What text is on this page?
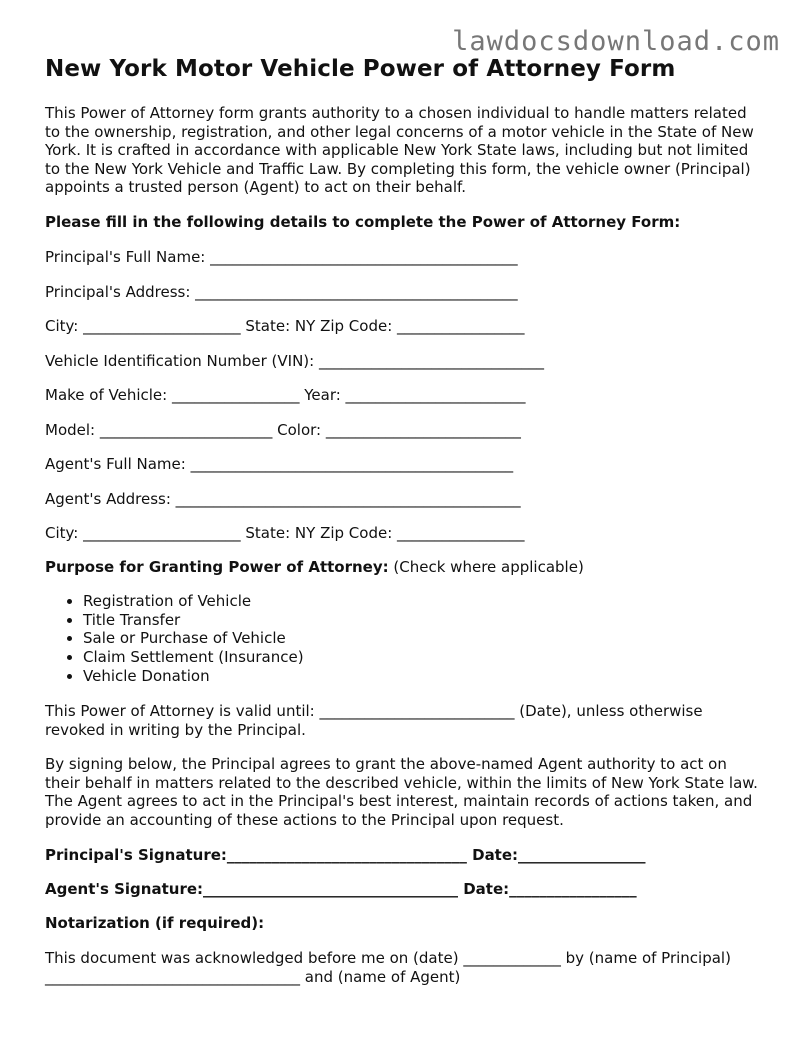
lawdocsdownload.com
New York Motor Vehicle Power of Attorney Form

This Power of Attorney form grants authority to a chosen individual to handle matters related to the ownership, registration, and other legal concerns of a motor vehicle in the State of New York. It is crafted in accordance with applicable New York State laws, including but not limited to the New York Vehicle and Traffic Law. By completing this form, the vehicle owner (Principal) appoints a trusted person (Agent) to act on their behalf.

Please fill in the following details to complete the Power of Attorney Form:

Principal's Full Name: _________________________________________

Principal's Address: ___________________________________________

City: _____________________ State: NY Zip Code: _________________

Vehicle Identification Number (VIN): ______________________________

Make of Vehicle: _________________ Year: ________________________

Model: _______________________ Color: __________________________

Agent's Full Name: ___________________________________________

Agent's Address: ______________________________________________

City: _____________________ State: NY Zip Code: _________________

Purpose for Granting Power of Attorney: (Check where applicable)

• Registration of Vehicle
• Title Transfer
• Sale or Purchase of Vehicle
• Claim Settlement (Insurance)
• Vehicle Donation

This Power of Attorney is valid until: __________________________ (Date), unless otherwise revoked in writing by the Principal.

By signing below, the Principal agrees to grant the above-named Agent authority to act on their behalf in matters related to the described vehicle, within the limits of New York State law. The Agent agrees to act in the Principal's best interest, maintain records of actions taken, and provide an accounting of these actions to the Principal upon request.

Principal's Signature:________________________________ Date:_________________

Agent's Signature:__________________________________ Date:_________________

Notarization (if required):

This document was acknowledged before me on (date) _____________ by (name of Principal) __________________________________ and (name of Agent)
